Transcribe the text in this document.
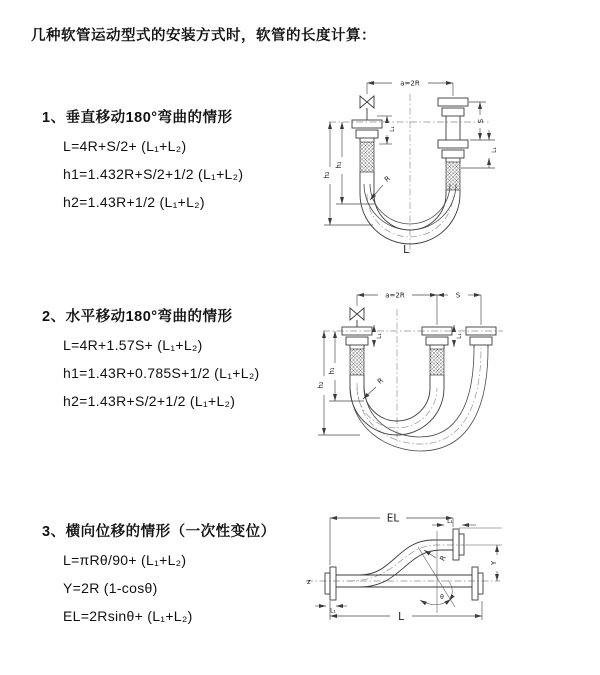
几种软管运动型式的安装方式时，软管的长度计算：

1、垂直移动180°弯曲的情形

L=4R+S/2+ (L₁+L₂)

h1=1.432R+S/2+1/2 (L₁+L₂)

h2=1.43R+1/2 (L₁+L₂)

2、水平移动180°弯曲的情形

L=4R+1.57S+ (L₁+L₂)

h1=1.43R+0.785S+1/2 (L₁+L₂)

h2=1.43R+S/2+1/2 (L₁+L₂)

3、横向位移的情形（一次性变位）

L=πRθ/90+ (L₁+L₂)

Y=2R (1-cosθ)

EL=2Rsinθ+ (L₁+L₂)

a=2R
S
L₁
h₂
h₁
L₁
R
L
a=2R	S
h₂
h₁
L₁	L₁
R
z
EL	L₁
Y
L
L₁
R
θ
